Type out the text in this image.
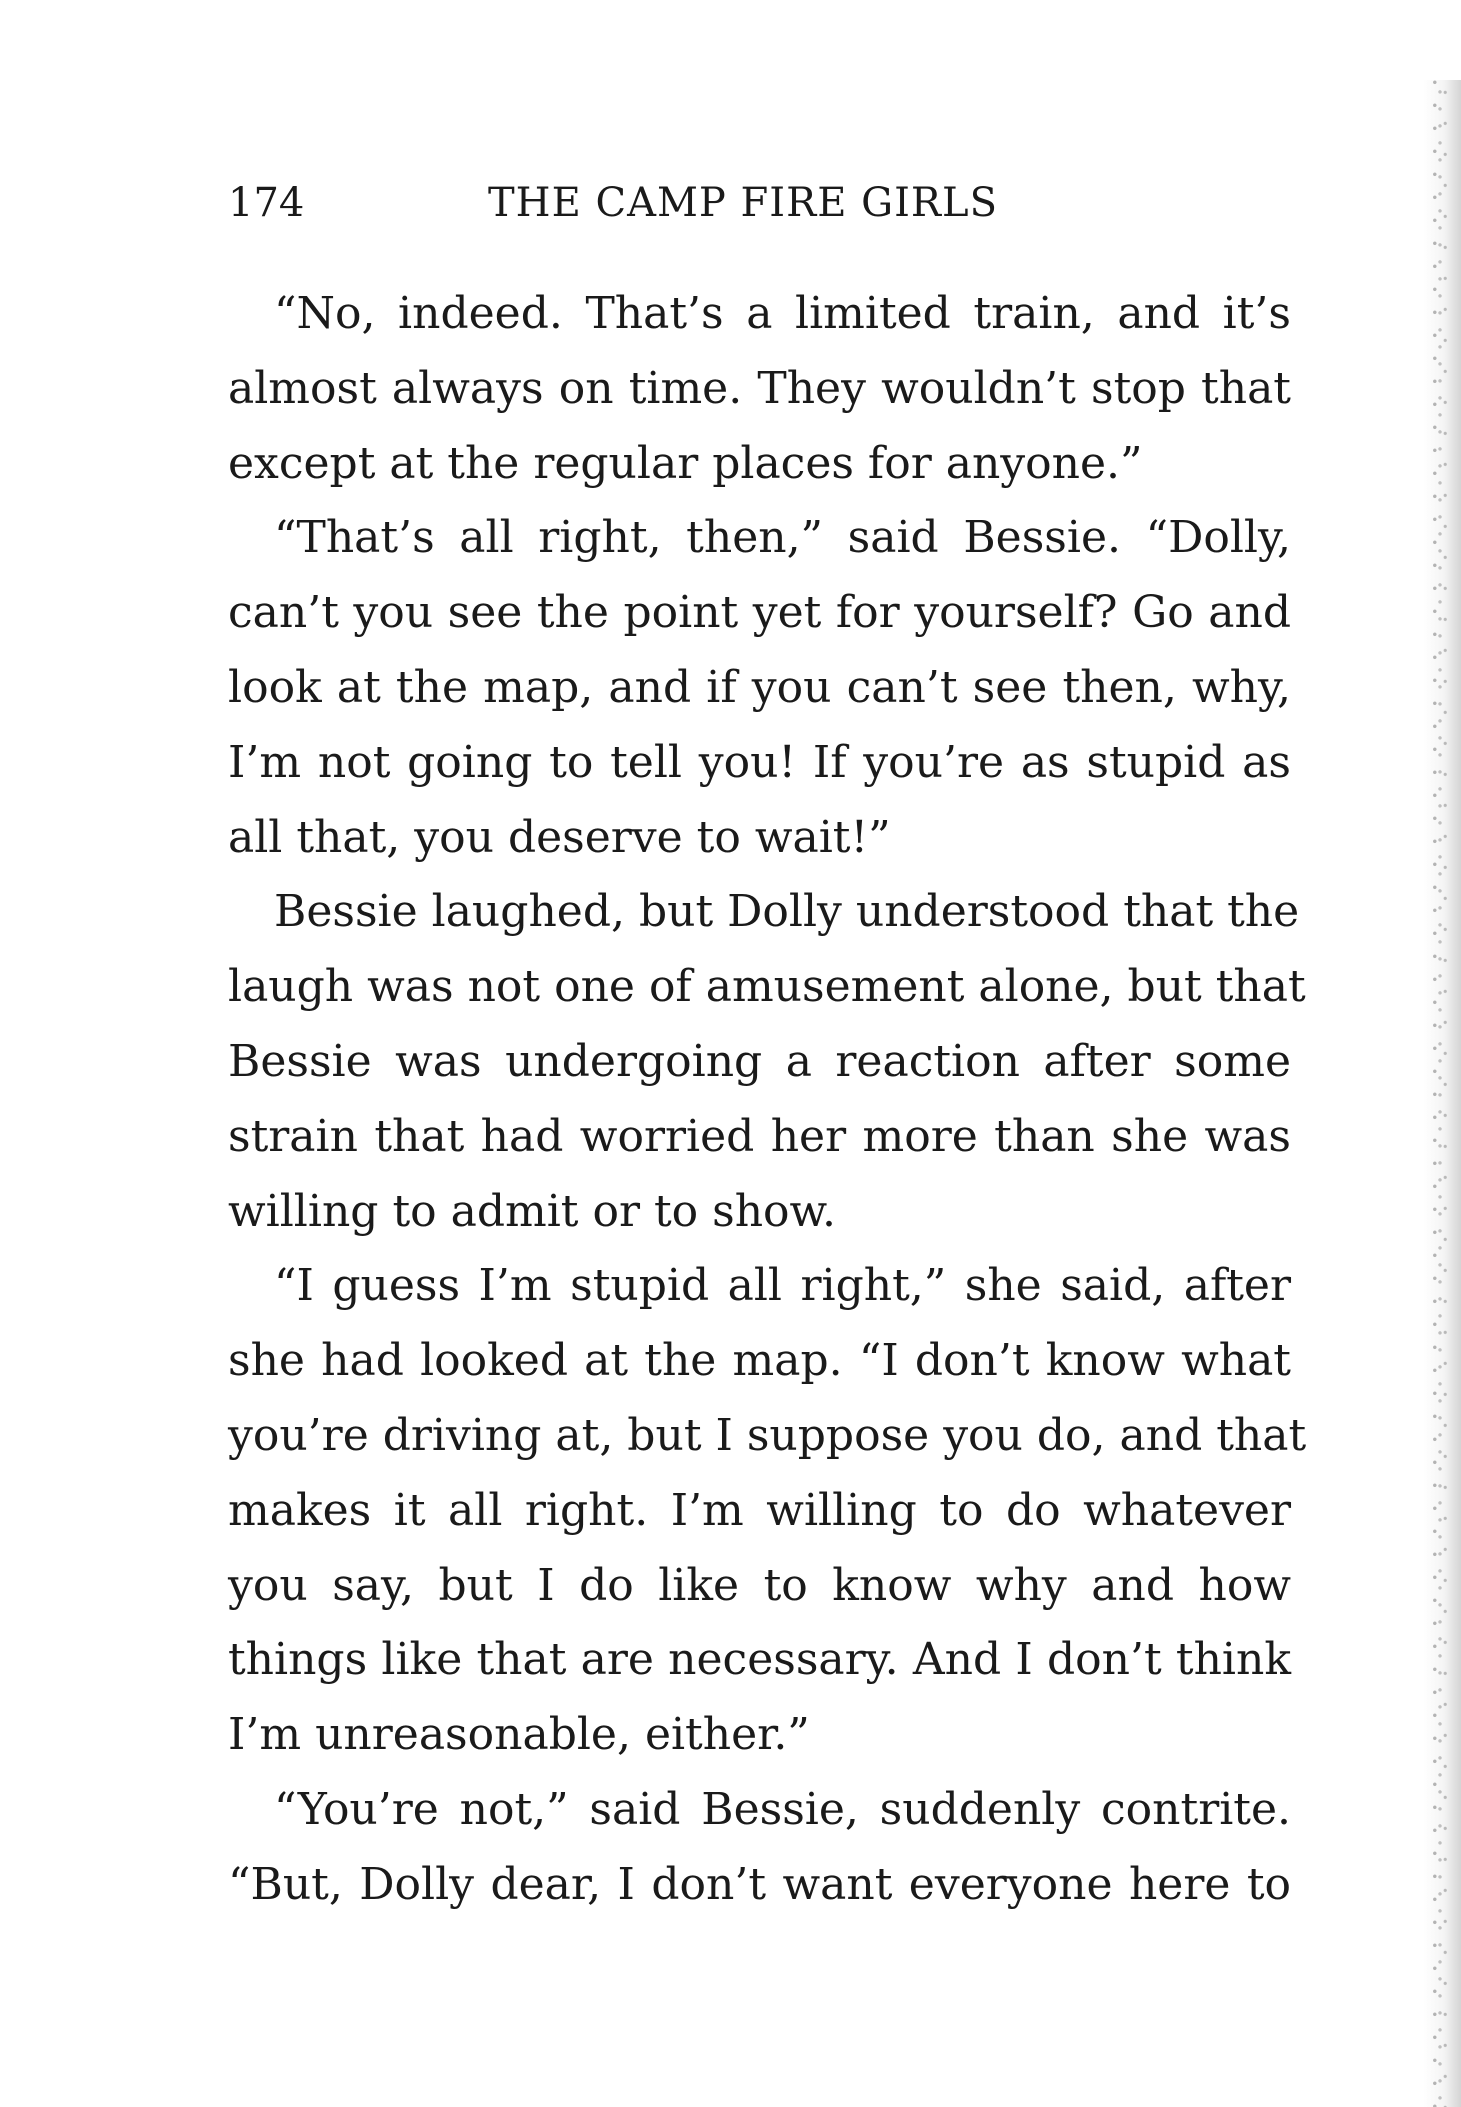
174	THE CAMP FIRE GIRLS
“No, indeed. That’s a limited train, and it’s
almost always on time. They wouldn’t stop that
except at the regular places for anyone.”
“That’s all right, then,” said Bessie. “Dolly,
can’t you see the point yet for yourself? Go and
look at the map, and if you can’t see then, why,
I’m not going to tell you! If you’re as stupid as
all that, you deserve to wait!”
Bessie laughed, but Dolly understood that the
laugh was not one of amusement alone, but that
Bessie was undergoing a reaction after some
strain that had worried her more than she was
willing to admit or to show.
“I guess I’m stupid all right,” she said, after
she had looked at the map. “I don’t know what
you’re driving at, but I suppose you do, and that
makes it all right. I’m willing to do whatever
you say, but I do like to know why and how
things like that are necessary. And I don’t think
I’m unreasonable, either.”
“You’re not,” said Bessie, suddenly contrite.
“But, Dolly dear, I don’t want everyone here to
